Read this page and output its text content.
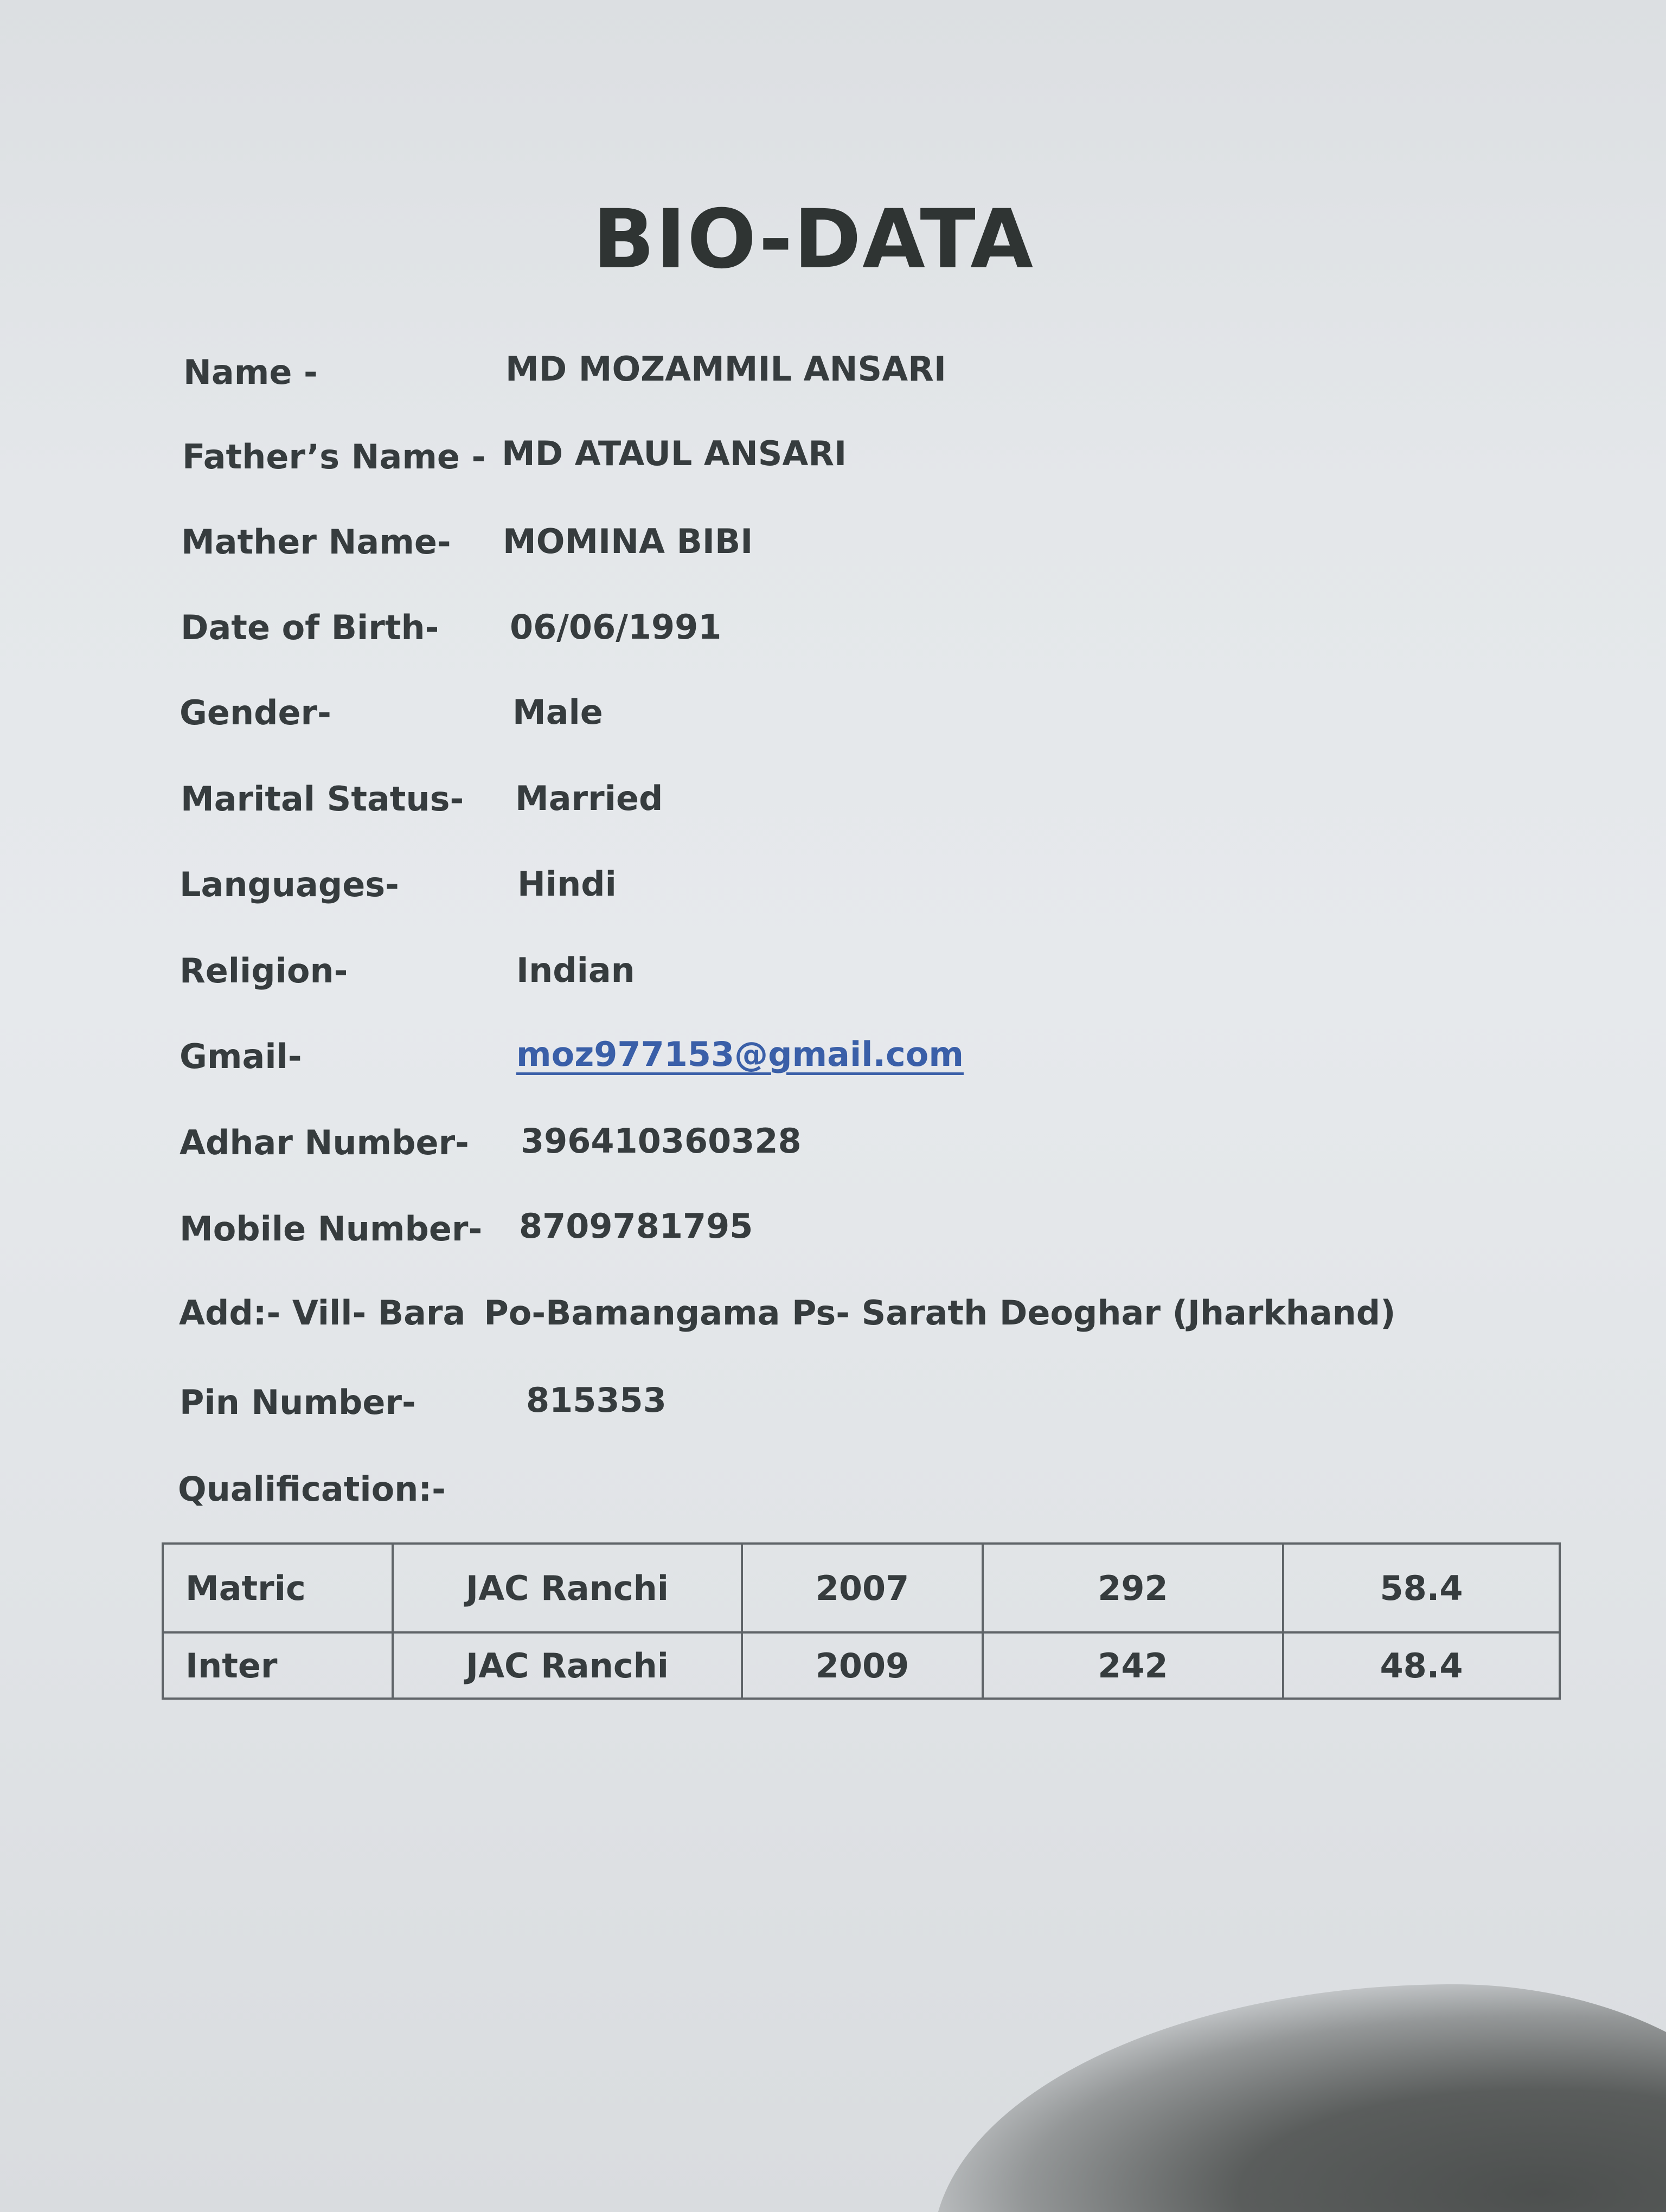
BIO-DATA
Name -	MD MOZAMMIL ANSARI
Father’s Name - MD ATAUL ANSARI
Mather Name- MOMINA BIBI
Date of Birth- 06/06/1991
Gender-	Male
Marital Status- Married
Languages-	Hindi
Religion-	Indian
Gmail-	moz977153@gmail.com
Adhar Number- 396410360328
Mobile Number- 8709781795
Add:- Vill- Bara Po-Bamangama Ps- Sarath Deoghar (Jharkhand)
Pin Number-	815353
Qualification:-
Matric	JAC Ranchi	2007	292	58.4
Inter	JAC Ranchi	2009	242	48.4
